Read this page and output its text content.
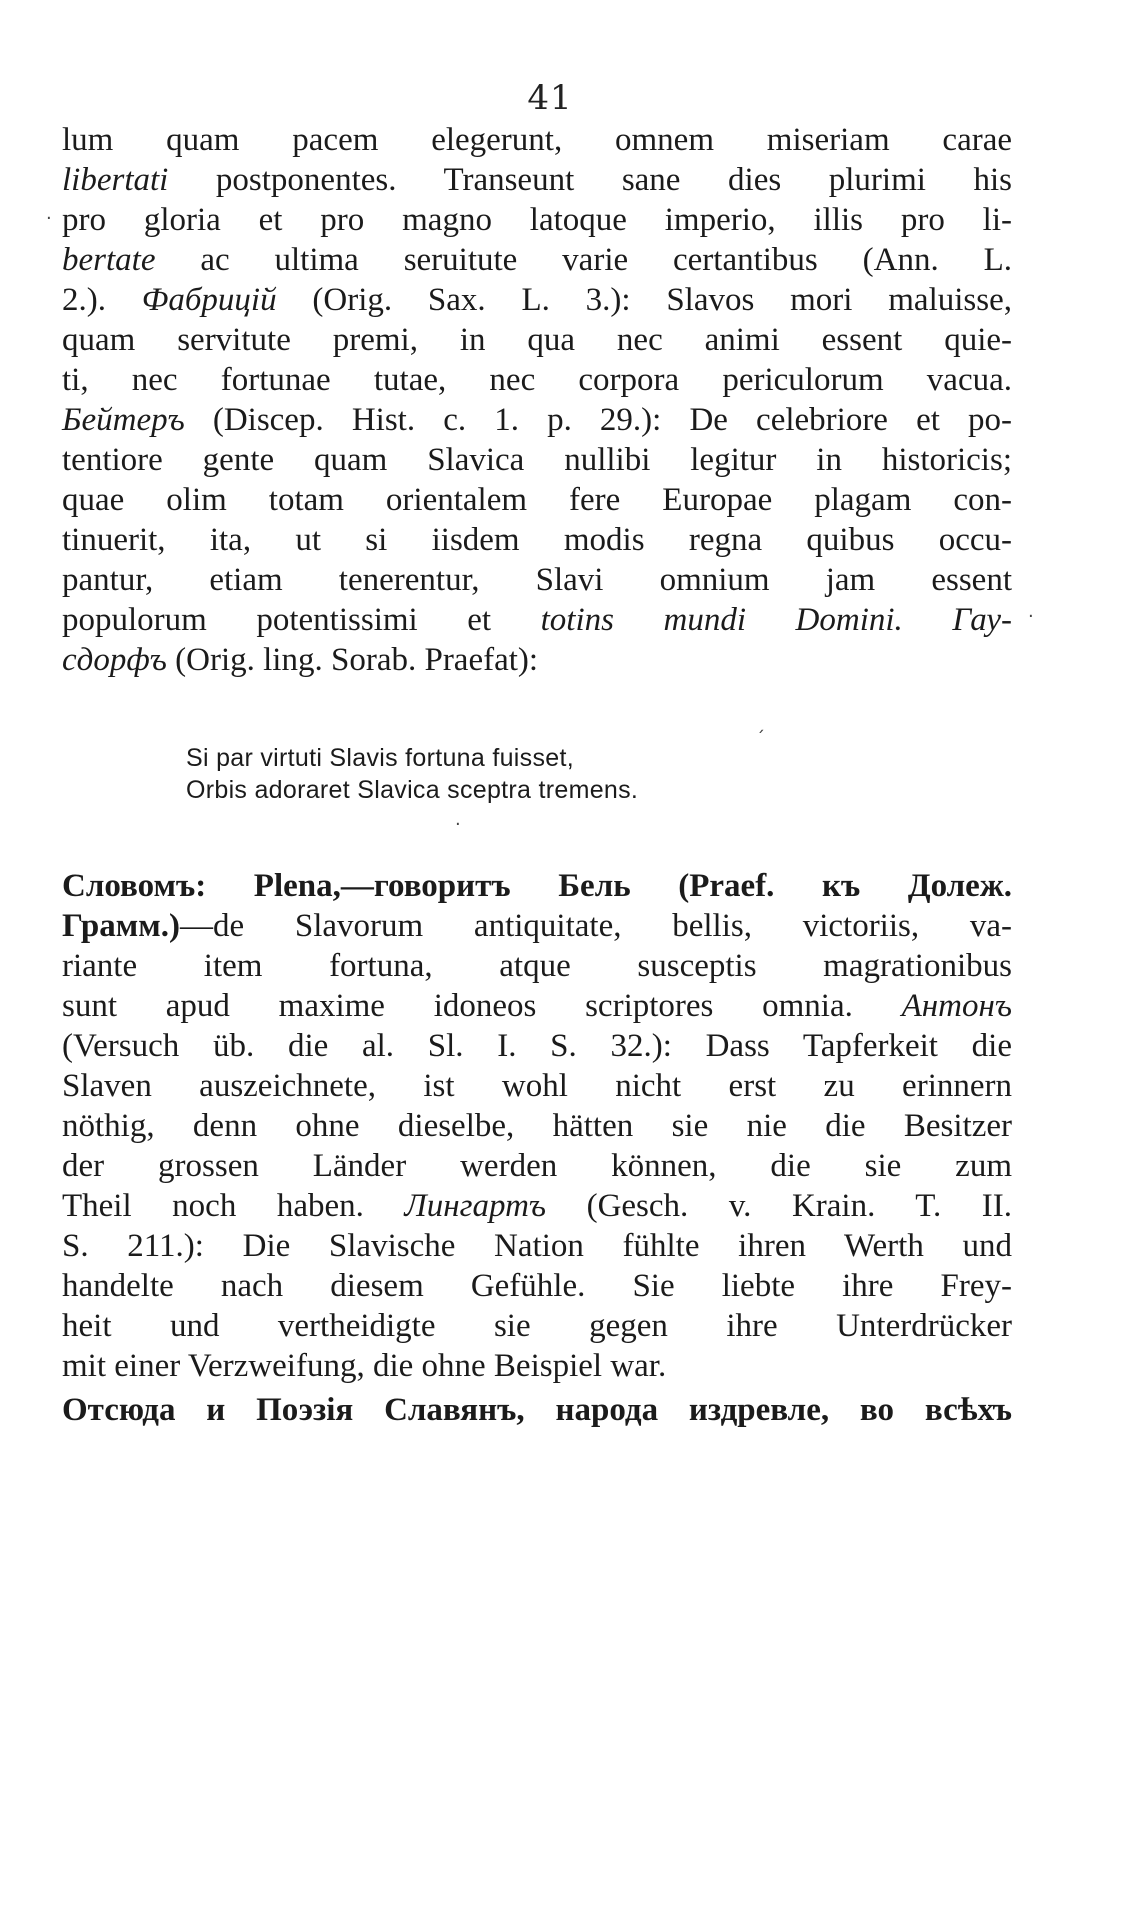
41
lum quam pacem elegerunt, omnem miseriam carae
libertati postponentes. Transeunt sane dies plurimi his
pro gloria et pro magno latoque imperio, illis pro li-
bertate ac ultima seruitute varie certantibus (Ann. L.
2.). Фабрицій (Orig. Sax. L. 3.): Slavos mori maluisse,
quam servitute premi, in qua nec animi essent quie-
ti, nec fortunae tutae, nec corpora periculorum vacua.
Бейтеръ (Discep. Hist. c. 1. p. 29.): De celebriore et po-
tentiore gente quam Slavica nullibi legitur in historicis;
quae olim totam orientalem fere Europae plagam con-
tinuerit, ita, ut si iisdem modis regna quibus occu-
pantur, etiam tenerentur, Slavi omnium jam essent
populorum potentissimi et totins mundi Domini. Гау-
сдорфъ (Orig. ling. Sorab. Praefat):
·
Si par virtuti Slavis fortuna fuisset,
Orbis adoraret Slavica sceptra tremens.
´
·
Словомъ: Plena,—говоритъ Бель (Praef. къ Долеж.
Грамм.)—de Slavorum antiquitate, bellis, victoriis, va-
riante item fortuna, atque susceptis magrationibus
sunt apud maxime idoneos scriptores omnia. Антонъ
(Versuch üb. die al. Sl. I. S. 32.): Dass Tapferkeit die
Slaven auszeichnete, ist wohl nicht erst zu erinnern
nöthig, denn ohne dieselbe, hätten sie nie die Besitzer
der grossen Länder werden können, die sie zum
Theil noch haben. Лингартъ (Gesch. v. Krain. T. II.
S. 211.): Die Slavische Nation fühlte ihren Werth und
handelte nach diesem Gefühle. Sie liebte ihre Frey-
heit und vertheidigte sie gegen ihre Unterdrücker
mit einer Verzweifung, die ohne Beispiel war.
Отсюда и Поэзія Славянъ, народа издревле, во всѣхъ
·
